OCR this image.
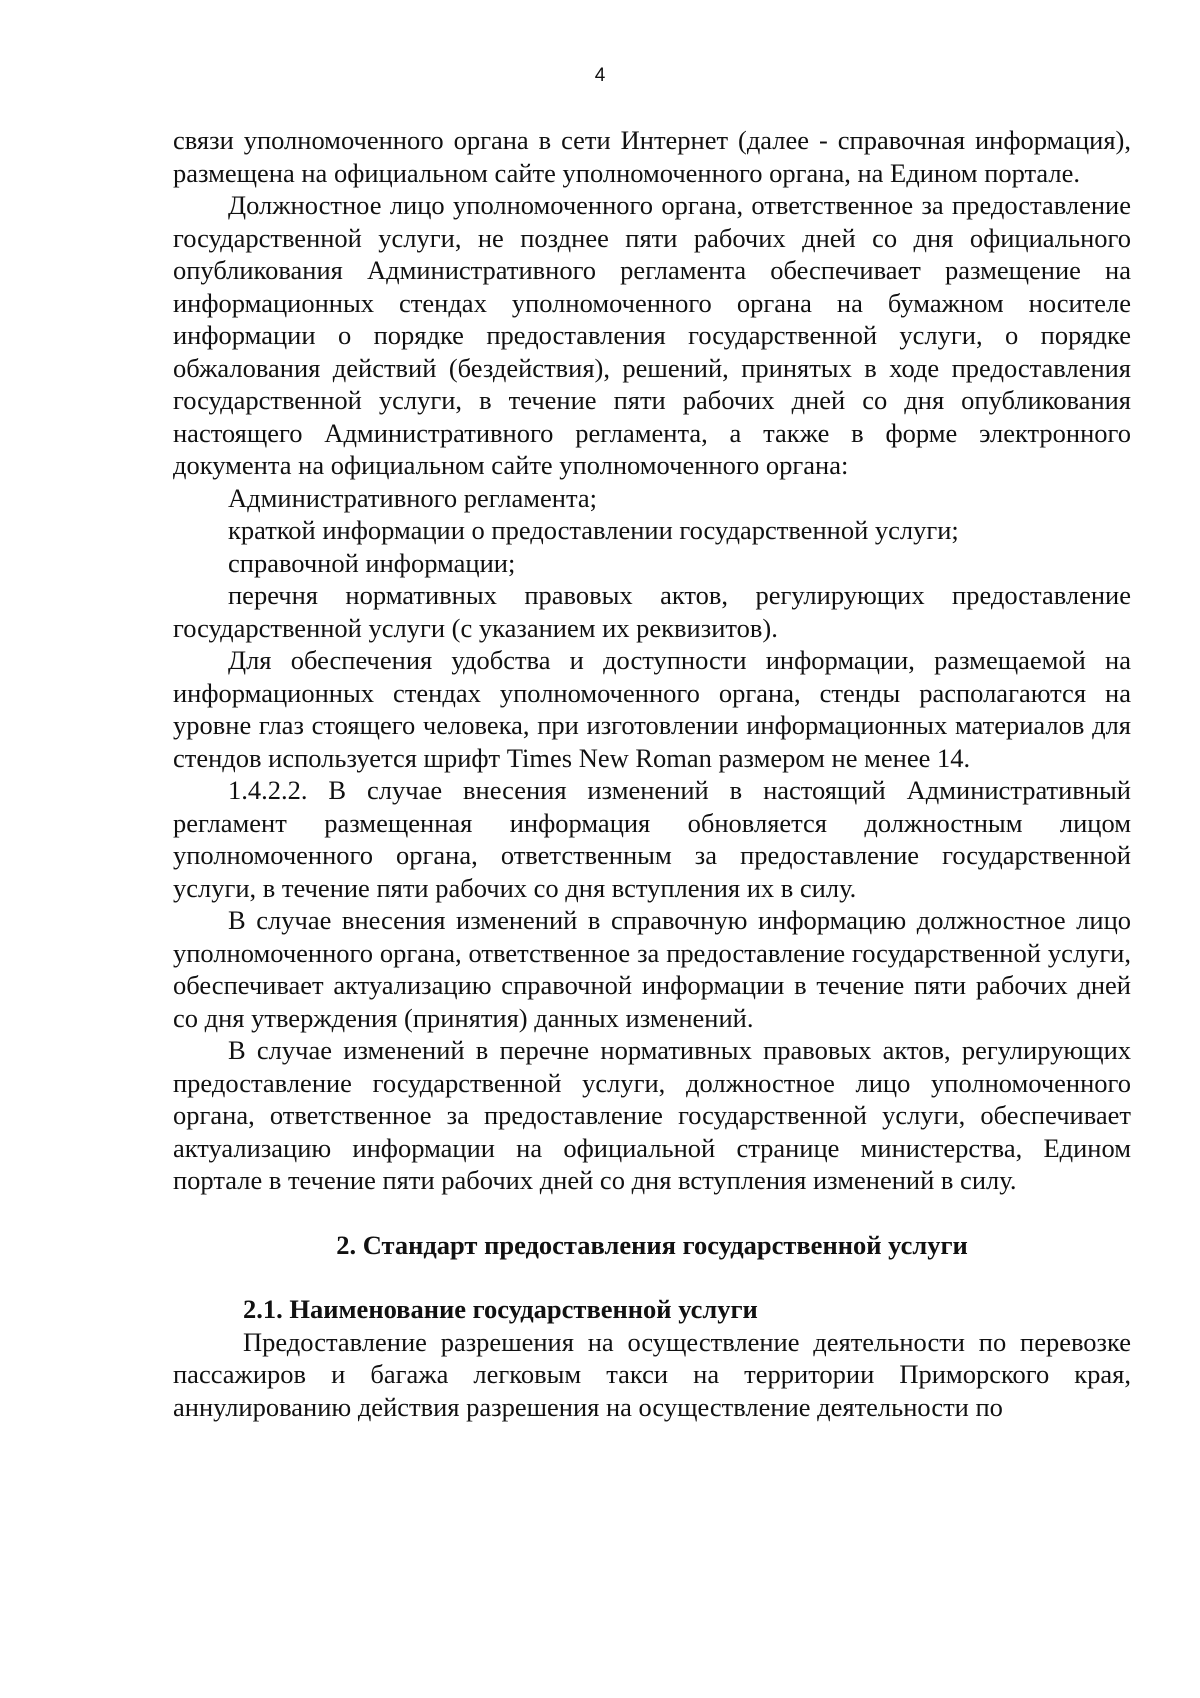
4

связи уполномоченного органа в сети Интернет (далее - справочная информация), размещена на официальном сайте уполномоченного органа, на Едином портале.

Должностное лицо уполномоченного органа, ответственное за предоставление государственной услуги, не позднее пяти рабочих дней со дня официального опубликования Административного регламента обеспечивает размещение на информационных стендах уполномоченного органа на бумажном носителе информации о порядке предоставления государственной услуги, о порядке обжалования действий (бездействия), решений, принятых в ходе предоставления государственной услуги, в течение пяти рабочих дней со дня опубликования настоящего Административного регламента, а также в форме электронного документа на официальном сайте уполномоченного органа:

Административного регламента;

краткой информации о предоставлении государственной услуги;

справочной информации;

перечня нормативных правовых актов, регулирующих предоставление государственной услуги (с указанием их реквизитов).

Для обеспечения удобства и доступности информации, размещаемой на информационных стендах уполномоченного органа, стенды располагаются на уровне глаз стоящего человека, при изготовлении информационных материалов для стендов используется шрифт Times New Roman размером не менее 14.

1.4.2.2. В случае внесения изменений в настоящий Административный регламент размещенная информация обновляется должностным лицом уполномоченного органа, ответственным за предоставление государственной услуги, в течение пяти рабочих со дня вступления их в силу.

В случае внесения изменений в справочную информацию должностное лицо уполномоченного органа, ответственное за предоставление государственной услуги, обеспечивает актуализацию справочной информации в течение пяти рабочих дней со дня утверждения (принятия) данных изменений.

В случае изменений в перечне нормативных правовых актов, регулирующих предоставление государственной услуги, должностное лицо уполномоченного органа, ответственное за предоставление государственной услуги, обеспечивает актуализацию информации на официальной странице министерства, Едином портале в течение пяти рабочих дней со дня вступления изменений в силу.

2. Стандарт предоставления государственной услуги

2.1. Наименование государственной услуги

Предоставление разрешения на осуществление деятельности по перевозке пассажиров и багажа легковым такси на территории Приморского края, аннулированию действия разрешения на осуществление деятельности по
